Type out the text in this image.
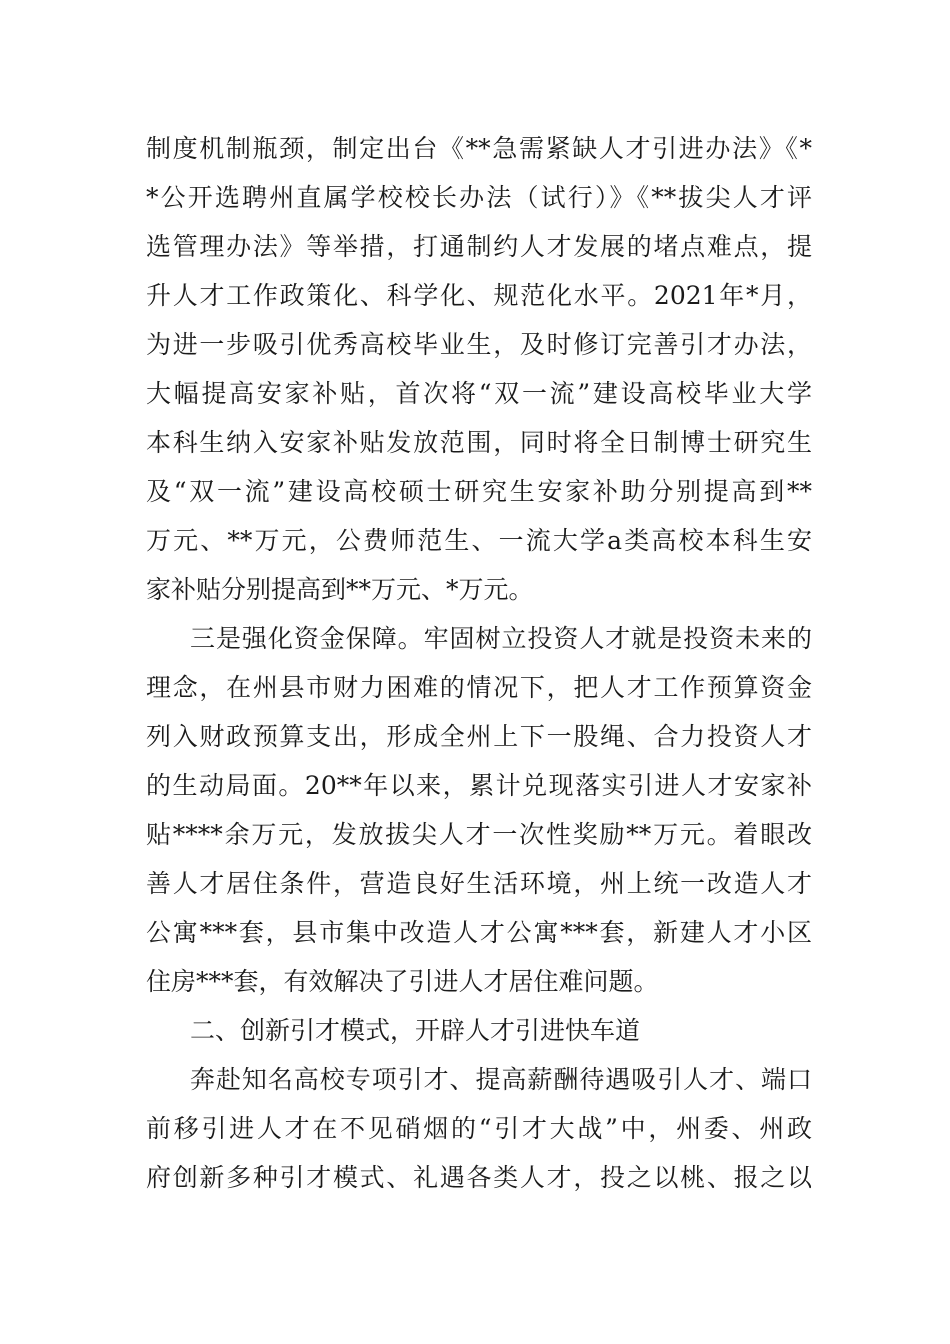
制度机制瓶颈，制定出台《**急需紧缺人才引进办法》《*
*公开选聘州直属学校校长办法（试行）》《**拔尖人才评
选管理办法》等举措，打通制约人才发展的堵点难点，提
升人才工作政策化、科学化、规范化水平。2021年*月，
为进一步吸引优秀高校毕业生，及时修订完善引才办法，
大幅提高安家补贴，首次将“双一流”建设高校毕业大学
本科生纳入安家补贴发放范围，同时将全日制博士研究生
及“双一流”建设高校硕士研究生安家补助分别提高到**
万元、**万元，公费师范生、一流大学a类高校本科生安
家补贴分别提高到**万元、*万元。
三是强化资金保障。牢固树立投资人才就是投资未来的
理念，在州县市财力困难的情况下，把人才工作预算资金
列入财政预算支出，形成全州上下一股绳、合力投资人才
的生动局面。20**年以来，累计兑现落实引进人才安家补
贴****余万元，发放拔尖人才一次性奖励**万元。着眼改
善人才居住条件，营造良好生活环境，州上统一改造人才
公寓***套，县市集中改造人才公寓***套，新建人才小区
住房***套，有效解决了引进人才居住难问题。
二、创新引才模式，开辟人才引进快车道
奔赴知名高校专项引才、提高薪酬待遇吸引人才、端口
前移引进人才在不见硝烟的“引才大战”中，州委、州政
府创新多种引才模式、礼遇各类人才，投之以桃、报之以
